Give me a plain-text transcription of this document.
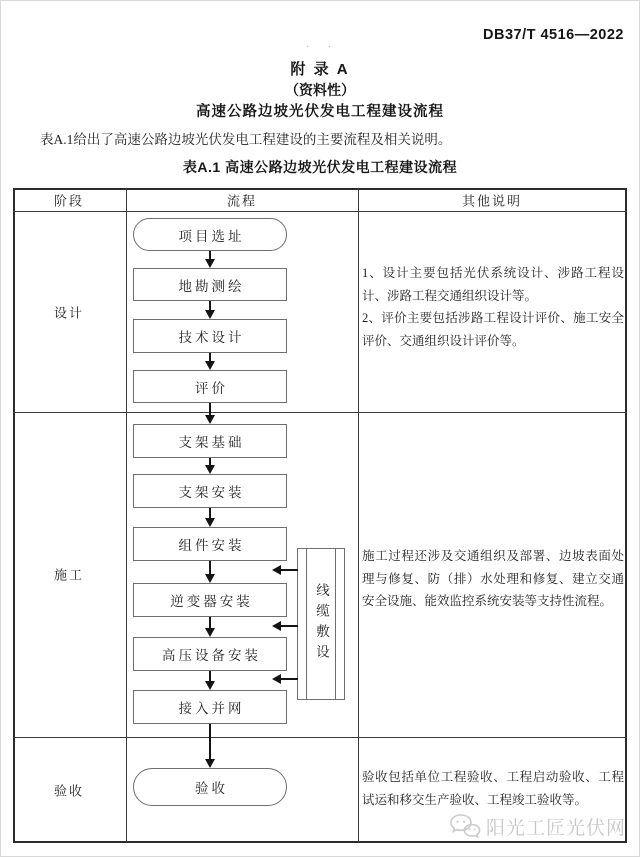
DB37/T 4516—2022
· ·
附 录 A
（资料性）
高速公路边坡光伏发电工程建设流程
表A.1给出了高速公路边坡光伏发电工程建设的主要流程及相关说明。
表A.1 高速公路边坡光伏发电工程建设流程
阶段	流程	其他说明
设计
施工
验收
项目选址
地勘测绘
技术设计
评价
支架基础
支架安装
组件安装
逆变器安装
高压设备安装
接入并网
验收
线缆敷设

1、设计主要包括光伏系统设计、涉路工程设计、涉路工程交通组织设计等。

2、评价主要包括涉路工程设计评价、施工安全评价、交通组织设计评价等。

施工过程还涉及交通组织及部署、边坡表面处理与修复、防（排）水处理和修复、建立交通安全设施、能效监控系统安装等支持性流程。

验收包括单位工程验收、工程启动验收、工程试运和移交生产验收、工程竣工验收等。

阳光工匠光伏网
